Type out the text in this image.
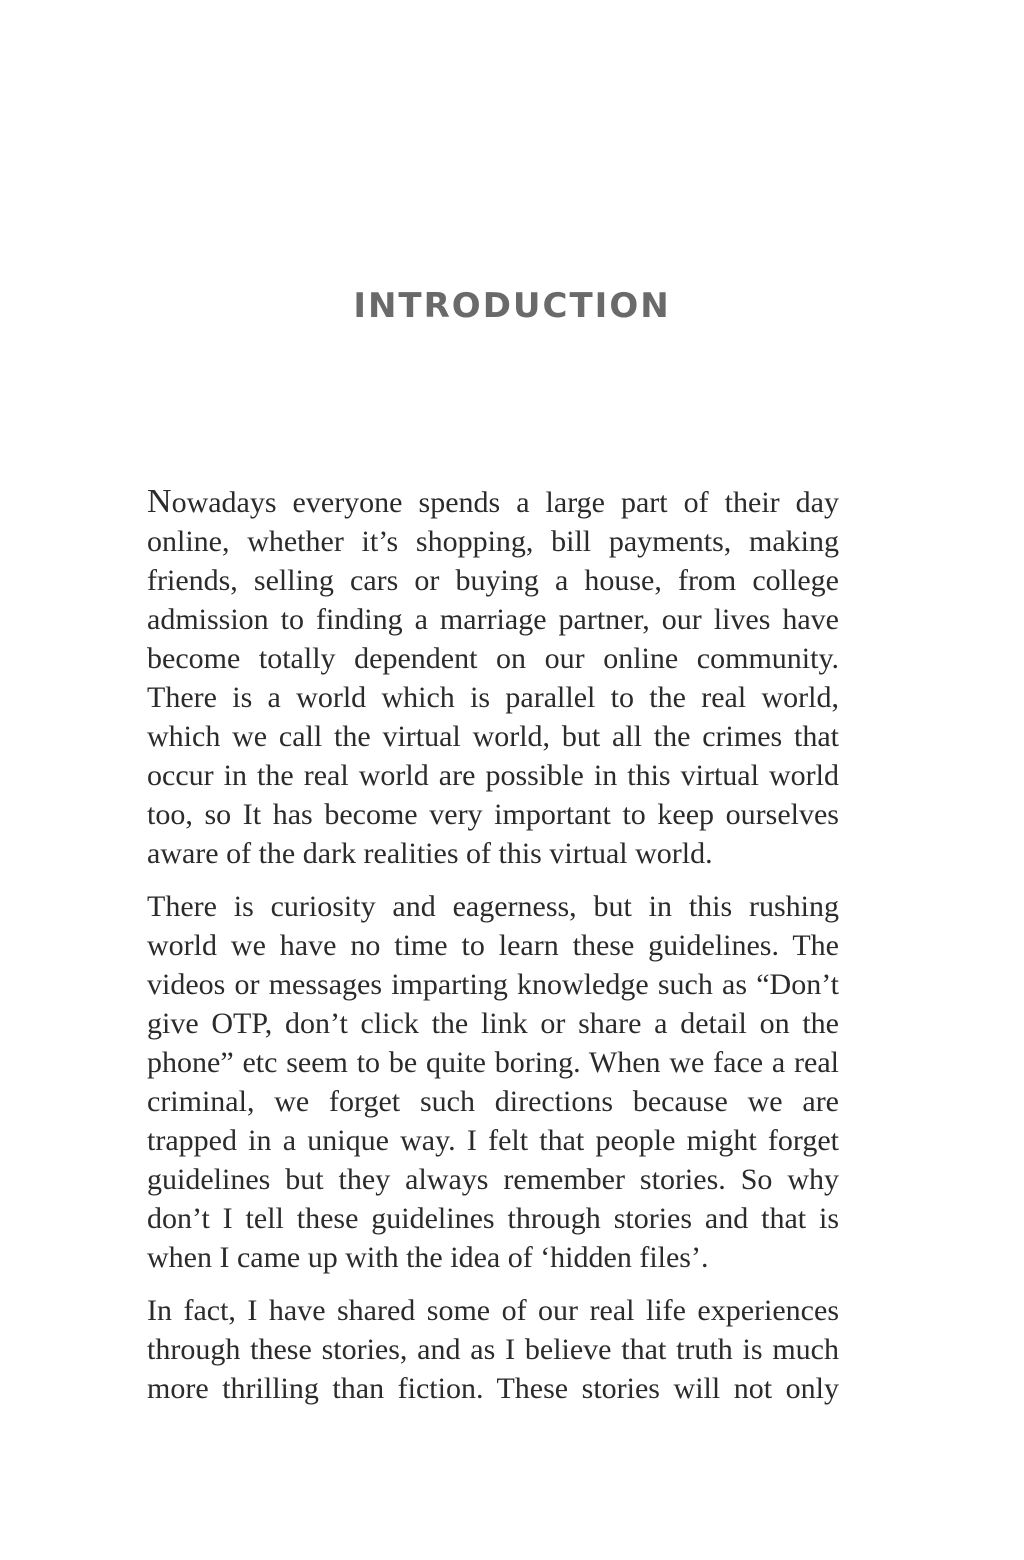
INTRODUCTION

Nowadays everyone spends a large part of their day online, whether it’s shopping, bill payments, making friends, selling cars or buying a house, from college admission to finding a marriage partner, our lives have become totally dependent on our online community. There is a world which is parallel to the real world, which we call the virtual world, but all the crimes that occur in the real world are possible in this virtual world too, so It has become very important to keep ourselves aware of the dark realities of this virtual world.

There is curiosity and eagerness, but in this rushing world we have no time to learn these guidelines. The videos or messages imparting knowledge such as “Don’t give OTP, don’t click the link or share a detail on the phone” etc seem to be quite boring. When we face a real criminal, we forget such directions because we are trapped in a unique way. I felt that people might forget guidelines but they always remember stories. So why don’t I tell these guidelines through stories and that is when I came up with the idea of ‘hidden files’.

In fact, I have shared some of our real life experiences through these stories, and as I believe that truth is much more thrilling than fiction. These stories will not only
